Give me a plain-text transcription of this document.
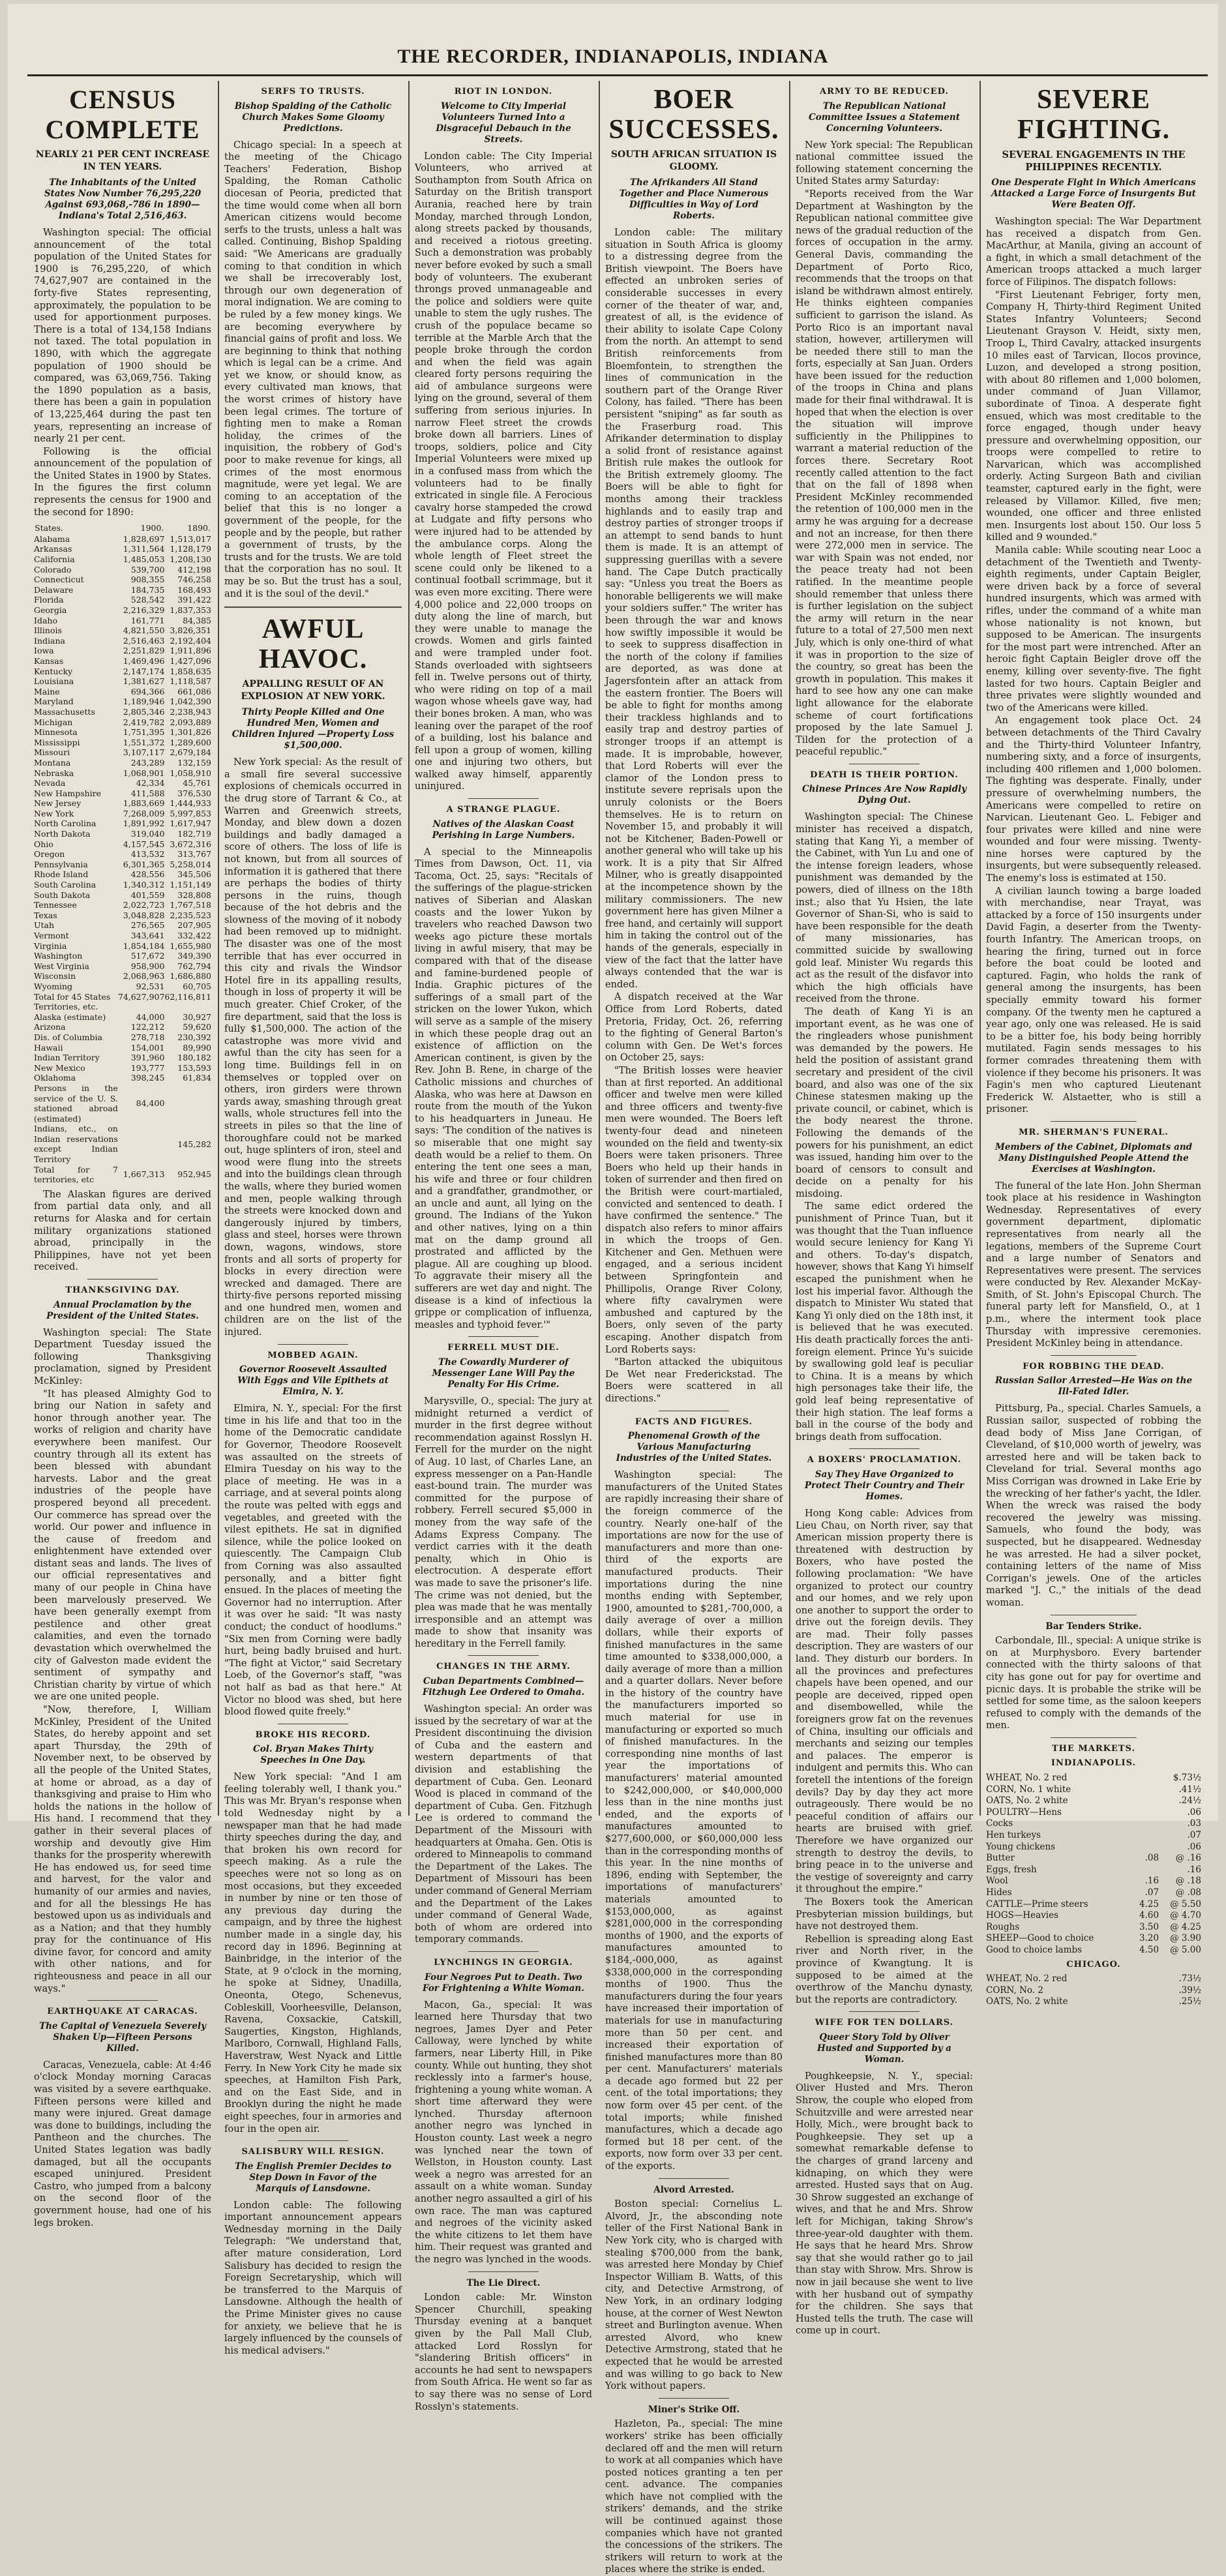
THE RECORDER, INDIANAPOLIS, INDIANA
CENSUS COMPLETE
NEARLY 21 PER CENT INCREASE IN TEN YEARS.
The Inhabitants of the United States Now Number 76,295,220 Against 693,068,-786 in 1890—Indiana's Total 2,516,463.

Washington special: The official announcement of the total population of the United States for 1900 is 76,295,220, of which 74,627,907 are contained in the forty-five States representing, approximately, the population to be used for apportionment purposes. There is a total of 134,158 Indians not taxed. The total population in 1890, with which the aggregate population of 1900 should be compared, was 63,069,756. Taking the 1890 population as a basis, there has been a gain in population of 13,225,464 during the past ten years, representing an increase of nearly 21 per cent.

Following is the official announcement of the population of the United States in 1900 by States. In the figures the first column represents the census for 1900 and the second for 1890:

States.	1900.	1890.
Alabama	1,828,697	1,513,017
Arkansas	1,311,564	1,128,179
California	1,485,053	1,208,130
Colorado	539,700	412,198
Connecticut	908,355	746,258
Delaware	184,735	168,493
Florida	528,542	391,422
Georgia	2,216,329	1,837,353
Idaho	161,771	84,385
Illinois	4,821,550	3,826,351
Indiana	2,516,463	2,192,404
Iowa	2,251,829	1,911,896
Kansas	1,469,496	1,427,096
Kentucky	2,147,174	1,858,635
Louisiana	1,381,627	1,118,587
Maine	694,366	661,086
Maryland	1,189,946	1,042,390
Massachusetts	2,805,346	2,238,943
Michigan	2,419,782	2,093,889
Minnesota	1,751,395	1,301,826
Mississippi	1,551,372	1,289,600
Missouri	3,107,117	2,679,184
Montana	243,289	132,159
Nebraska	1,068,901	1,058,910
Nevada	42,334	45,761
New Hampshire	411,588	376,530
New Jersey	1,883,669	1,444,933
New York	7,268,009	5,997,853
North Carolina	1,891,992	1,617,947
North Dakota	319,040	182,719
Ohio	4,157,545	3,672,316
Oregon	413,532	313,767
Pennsylvania	6,301,365	5,258,014
Rhode Island	428,556	345,506
South Carolina	1,340,312	1,151,149
South Dakota	401,559	328,808
Tennessee	2,022,723	1,767,518
Texas	3,048,828	2,235,523
Utah	276,565	207,905
Vermont	343,641	332,422
Virginia	1,854,184	1,655,980
Washington	517,672	349,390
West Virginia	958,900	762,794
Wisconsin	2,068,963	1,686,880
Wyoming	92,531	60,705
Total for 45 States	74,627,907	62,116,811
Territories, etc.		
Alaska (estimate)	44,000	30,927
Arizona	122,212	59,620
Dis. of Columbia	278,718	230,392
Hawaii	154,001	89,990
Indian Territory	391,960	180,182
New Mexico	193,777	153,593
Oklahoma	398,245	61,834
Persons in the service of the U. S. stationed abroad (estimated)	84,400	
Indians, etc., on Indian reservations except Indian Territory		145,282
Total for 7 territories, etc	1,667,313	952,945

The Alaskan figures are derived from partial data only, and all returns for Alaska and for certain military organizations stationed abroad, principally in the Philippines, have not yet been received.

THANKSGIVING DAY.
Annual Proclamation by the President of the United States.

Washington special: The State Department Tuesday issued the following Thanksgiving proclamation, signed by President McKinley:

"It has pleased Almighty God to bring our Nation in safety and honor through another year. The works of religion and charity have everywhere been manifest. Our country through all its extent has been blessed with abundant harvests. Labor and the great industries of the people have prospered beyond all precedent. Our commerce has spread over the world. Our power and influence in the cause of freedom and enlightenment have extended over distant seas and lands. The lives of our official representatives and many of our people in China have been marvelously preserved. We have been generally exempt from pestilence and other great calamities, and even the tornado devastation which overwhelmed the city of Galveston made evident the sentiment of sympathy and Christian charity by virtue of which we are one united people.

"Now, therefore, I, William McKinley, President of the United States, do hereby appoint and set apart Thursday, the 29th of November next, to be observed by all the people of the United States, at home or abroad, as a day of thanksgiving and praise to Him who holds the nations in the hollow of His hand. I recommend that they gather in their several places of worship and devoutly give Him thanks for the prosperity wherewith He has endowed us, for seed time and harvest, for the valor and humanity of our armies and navies, and for all the blessings He has bestowed upon us as individuals and as a Nation; and that they humbly pray for the continuance of His divine favor, for concord and amity with other nations, and for righteousness and peace in all our ways."

EARTHQUAKE AT CARACAS.
The Capital of Venezuela Severely Shaken Up—Fifteen Persons Killed.

Caracas, Venezuela, cable: At 4:46 o'clock Monday morning Caracas was visited by a severe earthquake. Fifteen persons were killed and many were injured. Great damage was done to buildings, including the Pantheon and the churches. The United States legation was badly damaged, but all the occupants escaped uninjured. President Castro, who jumped from a balcony on the second floor of the government house, had one of his legs broken.

SERFS TO TRUSTS.
Bishop Spalding of the Catholic Church Makes Some Gloomy Predictions.

Chicago special: In a speech at the meeting of the Chicago Teachers' Federation, Bishop Spalding, the Roman Catholic diocesan of Peoria, predicted that the time would come when all born American citizens would become serfs to the trusts, unless a halt was called. Continuing, Bishop Spalding said: "We Americans are gradually coming to that condition in which we shall be irrecoverably lost, through our own degeneration of moral indignation. We are coming to be ruled by a few money kings. We are becoming everywhere by financial gains of profit and loss. We are beginning to think that nothing which is legal can be a crime. And yet we know, or should know, as every cultivated man knows, that the worst crimes of history have been legal crimes. The torture of fighting men to make a Roman holiday, the crimes of the inquisition, the robbery of God's poor to make revenue for kings, all crimes of the most enormous magnitude, were yet legal. We are coming to an acceptation of the belief that this is no longer a government of the people, for the people and by the people, but rather a government of trusts, by the trusts and for the trusts. We are told that the corporation has no soul. It may be so. But the trust has a soul, and it is the soul of the devil."

AWFUL HAVOC.
APPALLING RESULT OF AN EXPLOSION AT NEW YORK.
Thirty People Killed and One Hundred Men, Women and Children Injured —Property Loss $1,500,000.

New York special: As the result of a small fire several successive explosions of chemicals occurred in the drug store of Tarrant & Co., at Warren and Greenwich streets, Monday, and blew down a dozen buildings and badly damaged a score of others. The loss of life is not known, but from all sources of information it is gathered that there are perhaps the bodies of thirty persons in the ruins, though because of the hot debris and the slowness of the moving of it nobody had been removed up to midnight. The disaster was one of the most terrible that has ever occurred in this city and rivals the Windsor Hotel fire in its appalling results, though in loss of property it will be much greater. Chief Croker, of the fire department, said that the loss is fully $1,500,000. The action of the catastrophe was more vivid and awful than the city has seen for a long time. Buildings fell in on themselves or toppled over on others, iron girders were thrown yards away, smashing through great walls, whole structures fell into the streets in piles so that the line of thoroughfare could not be marked out, huge splinters of iron, steel and wood were flung into the streets and into the buildings clean through the walls, where they buried women and men, people walking through the streets were knocked down and dangerously injured by timbers, glass and steel, horses were thrown down, wagons, windows, store fronts and all sorts of property for blocks in every direction were wrecked and damaged. There are thirty-five persons reported missing and one hundred men, women and children are on the list of the injured.

MOBBED AGAIN.
Governor Roosevelt Assaulted With Eggs and Vile Epithets at Elmira, N. Y.

Elmira, N. Y., special: For the first time in his life and that too in the home of the Democratic candidate for Governor, Theodore Roosevelt was assaulted on the streets of Elmira Tuesday on his way to the place of meeting. He was in a carriage, and at several points along the route was pelted with eggs and vegetables, and greeted with the vilest epithets. He sat in dignified silence, while the police looked on quiescently. The Campaign Club from Corning was also assaulted personally, and a bitter fight ensued. In the places of meeting the Governor had no interruption. After it was over he said: "It was nasty conduct; the conduct of hoodlums." "Six men from Corning were badly hurt, being badly bruised and hurt. "The fight at Victor," said Secretary Loeb, of the Governor's staff, "was not half as bad as that here." At Victor no blood was shed, but here blood flowed quite freely."

BROKE HIS RECORD.
Col. Bryan Makes Thirty Speeches in One Day.

New York special: "And I am feeling tolerably well, I thank you." This was Mr. Bryan's response when told Wednesday night by a newspaper man that he had made thirty speeches during the day, and that broken his own record for speech making. As a rule the speeches were not so long as on most occasions, but they exceeded in number by nine or ten those of any previous day during the campaign, and by three the highest number made in a single day, his record day in 1896. Beginning at Bainbridge, in the interior of the State, at 9 o'clock in the morning, he spoke at Sidney, Unadilla, Oneonta, Otego, Schenevus, Cobleskill, Voorheesville, Delanson, Ravena, Coxsackie, Catskill, Saugerties, Kingston, Highlands, Marlboro, Cornwall, Highland Falls, Haverstraw, West Nyack and Little Ferry. In New York City he made six speeches, at Hamilton Fish Park, and on the East Side, and in Brooklyn during the night he made eight speeches, four in armories and four in the open air.

SALISBURY WILL RESIGN.
The English Premier Decides to Step Down in Favor of the Marquis of Lansdowne.

London cable: The following important announcement appears Wednesday morning in the Daily Telegraph: "We understand that, after mature consideration, Lord Salisbury has decided to resign the Foreign Secretaryship, which will be transferred to the Marquis of Lansdowne. Although the health of the Prime Minister gives no cause for anxiety, we believe that he is largely influenced by the counsels of his medical advisers."

RIOT IN LONDON.
Welcome to City Imperial Volunteers Turned Into a Disgraceful Debauch in the Streets.

London cable: The City Imperial Volunteers, who arrived at Southampton from South Africa on Saturday on the British transport Aurania, reached here by train Monday, marched through London, along streets packed by thousands, and received a riotous greeting. Such a demonstration was probably never before evoked by such a small body of volunteers. The exuberant throngs proved unmanageable and the police and soldiers were quite unable to stem the ugly rushes. The crush of the populace became so terrible at the Marble Arch that the people broke through the cordon and when the field was again cleared forty persons requiring the aid of ambulance surgeons were lying on the ground, several of them suffering from serious injuries. In narrow Fleet street the crowds broke down all barriers. Lines of troops, soldiers, police and City Imperial Volunteers were mixed up in a confused mass from which the volunteers had to be finally extricated in single file. A Ferocious cavalry horse stampeded the crowd at Ludgate and fifty persons who were injured had to be attended by the ambulance corps. Along the whole length of Fleet street the scene could only be likened to a continual football scrimmage, but it was even more exciting. There were 4,000 police and 22,000 troops on duty along the line of march, but they were unable to manage the crowds. Women and girls fainted and were trampled under foot. Stands overloaded with sightseers fell in. Twelve persons out of thirty, who were riding on top of a mail wagon whose wheels gave way, had their bones broken. A man, who was leaning over the parapet of the roof of a building, lost his balance and fell upon a group of women, killing one and injuring two others, but walked away himself, apparently uninjured.

A STRANGE PLAGUE.
Natives of the Alaskan Coast Perishing in Large Numbers.

A special to the Minneapolis Times from Dawson, Oct. 11, via Tacoma, Oct. 25, says: "Recitals of the sufferings of the plague-stricken natives of Siberian and Alaskan coasts and the lower Yukon by travelers who reached Dawson two weeks ago picture these mortals living in awful misery, that may be compared with that of the disease and famine-burdened people of India. Graphic pictures of the sufferings of a small part of the stricken on the lower Yukon, which will serve as a sample of the misery in which these people drag out an existence of affliction on the American continent, is given by the Rev. John B. Rene, in charge of the Catholic missions and churches of Alaska, who was here at Dawson en route from the mouth of the Yukon to his headquarters in Juneau. He says: 'The condition of the natives is so miserable that one might say death would be a relief to them. On entering the tent one sees a man, his wife and three or four children and a grandfather, grandmother, or an uncle and aunt, all lying on the ground. The Indians of the Yukon and other natives, lying on a thin mat on the damp ground all prostrated and afflicted by the plague. All are coughing up blood. To aggravate their misery all the sufferers are wet day and night. The disease is a kind of infectious la grippe or complication of influenza, measles and typhoid fever.'"

FERRELL MUST DIE.
The Cowardly Murderer of Messenger Lane Will Pay the Penalty For His Crime.

Marysville, O., special: The jury at midnight returned a verdict of murder in the first degree without recommendation against Rosslyn H. Ferrell for the murder on the night of Aug. 10 last, of Charles Lane, an express messenger on a Pan-Handle east-bound train. The murder was committed for the purpose of robbery. Ferrell secured $5,000 in money from the way safe of the Adams Express Company. The verdict carries with it the death penalty, which in Ohio is electrocution. A desperate effort was made to save the prisoner's life. The crime was not denied, but the plea was made that he was mentally irresponsible and an attempt was made to show that insanity was hereditary in the Ferrell family.

CHANGES IN THE ARMY.
Cuban Departments Combined—Fitzhugh Lee Ordered to Omaha.

Washington special: An order was issued by the secretary of war at the President discontinuing the division of Cuba and the eastern and western departments of that division and establishing the department of Cuba. Gen. Leonard Wood is placed in command of the department of Cuba. Gen. Fitzhugh Lee is ordered to command the Department of the Missouri with headquarters at Omaha. Gen. Otis is ordered to Minneapolis to command the Department of the Lakes. The Department of Missouri has been under command of General Merriam and the Department of the Lakes under command of General Wade, both of whom are ordered into temporary commands.

LYNCHINGS IN GEORGIA.
Four Negroes Put to Death. Two For Frightening a White Woman.

Macon, Ga., special: It was learned here Thursday that two negroes, James Dyer and Peter Calloway, were lynched by white farmers, near Liberty Hill, in Pike county. While out hunting, they shot recklessly into a farmer's house, frightening a young white woman. A short time afterward they were lynched. Thursday afternoon another negro was lynched in Houston county. Last week a negro was lynched near the town of Wellston, in Houston county. Last week a negro was arrested for an assault on a white woman. Sunday another negro assaulted a girl of his own race. The man was captured and negroes of the vicinity asked the white citizens to let them have him. Their request was granted and the negro was lynched in the woods.

The Lie Direct.

London cable: Mr. Winston Spencer Churchill, speaking Thursday evening at a banquet given by the Pall Mall Club, attacked Lord Rosslyn for "slandering British officers" in accounts he had sent to newspapers from South Africa. He went so far as to say there was no sense of Lord Rosslyn's statements.

BOER SUCCESSES.
SOUTH AFRICAN SITUATION IS GLOOMY.
The Afrikanders All Stand Together and Place Numerous Difficulties in Way of Lord Roberts.

London cable: The military situation in South Africa is gloomy to a distressing degree from the British viewpoint. The Boers have effected an unbroken series of considerable successes in every corner of the theater of war, and, greatest of all, is the evidence of their ability to isolate Cape Colony from the north. An attempt to send British reinforcements from Bloemfontein, to strengthen the lines of communication in the southern part of the Orange River Colony, has failed. "There has been persistent "sniping" as far south as the Fraserburg road. This Afrikander determination to display a solid front of resistance against British rule makes the outlook for the British extremely gloomy. The Boers will be able to fight for months among their trackless highlands and to easily trap and destroy parties of stronger troops if an attempt to send bands to hunt them is made. It is an attempt of suppressing guerillas with a severe hand. The Cape Dutch practically say: "Unless you treat the Boers as honorable belligerents we will make your soldiers suffer." The writer has been through the war and knows how swiftly impossible it would be to seek to suppress disaffection in the north of the colony if families are deported, as was done at Jagersfontein after an attack from the eastern frontier. The Boers will be able to fight for months among their trackless highlands and to easily trap and destroy parties of stronger troops if an attempt is made. It is improbable, however, that Lord Roberts will ever the clamor of the London press to institute severe reprisals upon the unruly colonists or the Boers themselves. He is to return on November 15, and probably it will not be Kitchener, Baden-Powell or another general who will take up his work. It is a pity that Sir Alfred Milner, who is greatly disappointed at the incompetence shown by the military commissioners. The new government here has given Milner a free hand, and certainly will support him in taking the control out of the hands of the generals, especially in view of the fact that the latter have always contended that the war is ended.

A dispatch received at the War Office from Lord Roberts, dated Pretoria, Friday, Oct. 26, referring to the fighting of General Barton's column with Gen. De Wet's forces on October 25, says:

"The British losses were heavier than at first reported. An additional officer and twelve men were killed and three officers and twenty-five men were wounded. The Boers left twenty-four dead and nineteen wounded on the field and twenty-six Boers were taken prisoners. Three Boers who held up their hands in token of surrender and then fired on the British were court-martialed, convicted and sentenced to death. I have confirmed the sentence." The dispatch also refers to minor affairs in which the troops of Gen. Kitchener and Gen. Methuen were engaged, and a serious incident between Springfontein and Phillipolis, Orange River Colony, where fifty cavalrymen were ambushed and captured by the Boers, only seven of the party escaping. Another dispatch from Lord Roberts says:

"Barton attacked the ubiquitous De Wet near Frederickstad. The Boers were scattered in all directions."

FACTS AND FIGURES.
Phenomenal Growth of the Various Manufacturing Industries of the United States.

Washington special: The manufacturers of the United States are rapidly increasing their share of the foreign commerce of the country. Nearly one-half of the importations are now for the use of manufacturers and more than one-third of the exports are manufactured products. Their importations during the nine months ending with September, 1900, amounted to $281,-700,000, a daily average of over a million dollars, while their exports of finished manufactures in the same time amounted to $338,000,000, a daily average of more than a million and a quarter dollars. Never before in the history of the country have the manufacturers imported so much material for use in manufacturing or exported so much of finished manufactures. In the corresponding nine months of last year the importations of manufacturers' material amounted to $242,000,000, or $40,000,000 less than in the nine months just ended, and the exports of manufactures amounted to $277,600,000, or $60,000,000 less than in the corresponding months of this year. In the nine months of 1896, ending with September, the importations of manufacturers' materials amounted to $153,000,000, as against $281,000,000 in the corresponding months of 1900, and the exports of manufactures amounted to $184,-000,000, as against $338,000,000 in the corresponding months of 1900. Thus the manufacturers during the four years have increased their importation of materials for use in manufacturing more than 50 per cent. and increased their exportation of finished manufactures more than 80 per cent. Manufacturers' materials a decade ago formed but 22 per cent. of the total importations; they now form over 45 per cent. of the total imports; while finished manufactures, which a decade ago formed but 18 per cent. of the exports, now form over 33 per cent. of the exports.

Alvord Arrested.

Boston special: Cornelius L. Alvord, Jr., the absconding note teller of the First National Bank in New York city, who is charged with stealing $700,000 from the bank, was arrested here Monday by Chief Inspector William B. Watts, of this city, and Detective Armstrong, of New York, in an ordinary lodging house, at the corner of West Newton street and Burlington avenue. When arrested Alvord, who knew Detective Armstrong, stated that he expected that he would be arrested and was willing to go back to New York without papers.

Miner's Strike Off.

Hazleton, Pa., special: The mine workers' strike has been officially declared off and the men will return to work at all companies which have posted notices granting a ten per cent. advance. The companies which have not complied with the strikers' demands, and the strike will be continued against those companies which have not granted the concessions of the strikers. The strikers will return to work at the places where the strike is ended.

ARMY TO BE REDUCED.
The Republican National Committee Issues a Statement Concerning Volunteers.

New York special: The Republican national committee issued the following statement concerning the United States army Saturday:

"Reports received from the War Department at Washington by the Republican national committee give news of the gradual reduction of the forces of occupation in the army. General Davis, commanding the Department of Porto Rico, recommends that the troops on that island be withdrawn almost entirely. He thinks eighteen companies sufficient to garrison the island. As Porto Rico is an important naval station, however, artillerymen will be needed there still to man the forts, especially at San Juan. Orders have been issued for the reduction of the troops in China and plans made for their final withdrawal. It is hoped that when the election is over the situation will improve sufficiently in the Philippines to warrant a material reduction of the forces there. Secretary Root recently called attention to the fact that on the fall of 1898 when President McKinley recommended the retention of 100,000 men in the army he was arguing for a decrease and not an increase, for then there were 272,000 men in service. The war with Spain was not ended, nor the peace treaty had not been ratified. In the meantime people should remember that unless there is further legislation on the subject the army will return in the near future to a total of 27,500 men next July, which is only one-third of what it was in proportion to the size of the country, so great has been the growth in population. This makes it hard to see how any one can make light allowance for the elaborate scheme of court fortifications proposed by the late Samuel J. Tilden for the protection of a peaceful republic."

DEATH IS THEIR PORTION.
Chinese Princes Are Now Rapidly Dying Out.

Washington special: The Chinese minister has received a dispatch, stating that Kang Yi, a member of the Cabinet, with Yun Lu and one of the intense foreign leaders, whose punishment was demanded by the powers, died of illness on the 18th inst.; also that Yu Hsien, the late Governor of Shan-Si, who is said to have been responsible for the death of many missionaries, has committed suicide by swallowing gold leaf. Minister Wu regards this act as the result of the disfavor into which the high officials have received from the throne.

The death of Kang Yi is an important event, as he was one of the ringleaders whose punishment was demanded by the powers. He held the position of assistant grand secretary and president of the civil board, and also was one of the six Chinese statesmen making up the private council, or cabinet, which is the body nearest the throne. Following the demands of the powers for his punishment, an edict was issued, handing him over to the board of censors to consult and decide on a penalty for his misdoing.

The same edict ordered the punishment of Prince Tuan, but it was thought that the Tuan influence would secure leniency for Kang Yi and others. To-day's dispatch, however, shows that Kang Yi himself escaped the punishment when he lost his imperial favor. Although the dispatch to Minister Wu stated that Kang Yi only died on the 18th inst, it is believed that he was executed. His death practically forces the anti-foreign element. Prince Yu's suicide by swallowing gold leaf is peculiar to China. It is a means by which high personages take their life, the gold leaf being representative of their high station. The leaf forms a ball in the course of the body and brings death from suffocation.

A BOXERS' PROCLAMATION.
Say They Have Organized to Protect Their Country and Their Homes.

Hong Kong cable: Advices from Lieu Chau, on North river, say that American mission property there is threatened with destruction by Boxers, who have posted the following proclamation: "We have organized to protect our country and our homes, and we rely upon one another to support the order to drive out the foreign devils. They are mad. Their folly passes description. They are wasters of our land. They disturb our borders. In all the provinces and prefectures chapels have been opened, and our people are deceived, ripped open and disembowelled, while the foreigners grow fat on the revenues of China, insulting our officials and merchants and seizing our temples and palaces. The emperor is indulgent and permits this. Who can foretell the intentions of the foreign devils? Day by day they act more outrageously. There would be no peaceful condition of affairs our hearts are bruised with grief. Therefore we have organized our strength to destroy the devils, to bring peace in to the universe and the vestige of sovereignty and carry it throughout the empire."

The Boxers took the American Presbyterian mission buildings, but have not destroyed them.

Rebellion is spreading along East river and North river, in the province of Kwangtung. It is supposed to be aimed at the overthrow of the Manchu dynasty, but the reports are contradictory.

WIFE FOR TEN DOLLARS.
Queer Story Told by Oliver Husted and Supported by a Woman.

Poughkeepsie, N. Y., special: Oliver Husted and Mrs. Theron Shrow, the couple who eloped from Schuitzville and were arrested near Holly, Mich., were brought back to Poughkeepsie. They set up a somewhat remarkable defense to the charges of grand larceny and kidnaping, on which they were arrested. Husted says that on Aug. 30 Shrow suggested an exchange of wives, and that he and Mrs. Shrow left for Michigan, taking Shrow's three-year-old daughter with them. He says that he heard Mrs. Shrow say that she would rather go to jail than stay with Shrow. Mrs. Shrow is now in jail because she went to live with her husband out of sympathy for the children. She says that Husted tells the truth. The case will come up in court.

SEVERE FIGHTING.
SEVERAL ENGAGEMENTS IN THE PHILIPPINES RECENTLY.
One Desperate Fight in Which Americans Attacked a Large Force of Insurgents But Were Beaten Off.

Washington special: The War Department has received a dispatch from Gen. MacArthur, at Manila, giving an account of a fight, in which a small detachment of the American troops attacked a much larger force of Filipinos. The dispatch follows:

"First Lieutenant Febriger, forty men, Company H, Thirty-third Regiment United States Infantry Volunteers; Second Lieutenant Grayson V. Heidt, sixty men, Troop L, Third Cavalry, attacked insurgents 10 miles east of Tarvican, Ilocos province, Luzon, and developed a strong position, with about 80 riflemen and 1,000 bolomen, under command of Juan Villamor, subordinate of Tinoa. A desperate fight ensued, which was most creditable to the force engaged, though under heavy pressure and overwhelming opposition, our troops were compelled to retire to Narvarican, which was accomplished orderly. Acting Surgeon Bath and civilian teamster, captured early in the fight, were released by Villamor. Killed, five men; wounded, one officer and three enlisted men. Insurgents lost about 150. Our loss 5 killed and 9 wounded."

Manila cable: While scouting near Looc a detachment of the Twentieth and Twenty-eighth regiments, under Captain Beigler, were driven back by a force of several hundred insurgents, which was armed with rifles, under the command of a white man whose nationality is not known, but supposed to be American. The insurgents for the most part were intrenched. After an heroic fight Captain Beigler drove off the enemy, killing over seventy-five. The fight lasted for two hours. Captain Beigler and three privates were slightly wounded and two of the Americans were killed.

An engagement took place Oct. 24 between detachments of the Third Cavalry and the Thirty-third Volunteer Infantry, numbering sixty, and a force of insurgents, including 400 riflemen and 1,000 bolomen. The fighting was desperate. Finally, under pressure of overwhelming numbers, the Americans were compelled to retire on Narvican. Lieutenant Geo. L. Febiger and four privates were killed and nine were wounded and four were missing. Twenty-nine horses were captured by the insurgents, but were subsequently released. The enemy's loss is estimated at 150.

A civilian launch towing a barge loaded with merchandise, near Trayat, was attacked by a force of 150 insurgents under David Fagin, a deserter from the Twenty-fourth Infantry. The American troops, on hearing the firing, turned out in force before the boat could be looted and captured. Fagin, who holds the rank of general among the insurgents, has been specially emmity toward his former company. Of the twenty men he captured a year ago, only one was released. He is said to be a bitter foe, his body being horribly mutilated. Fagin sends messages to his former comrades threatening them with violence if they become his prisoners. It was Fagin's men who captured Lieutenant Frederick W. Alstaetter, who is still a prisoner.

MR. SHERMAN'S FUNERAL.
Members of the Cabinet, Diplomats and Many Distinguished People Attend the Exercises at Washington.

The funeral of the late Hon. John Sherman took place at his residence in Washington Wednesday. Representatives of every government department, diplomatic representatives from nearly all the legations, members of the Supreme Court and a large number of Senators and Representatives were present. The services were conducted by Rev. Alexander McKay-Smith, of St. John's Episcopal Church. The funeral party left for Mansfield, O., at 1 p.m., where the interment took place Thursday with impressive ceremonies. President McKinley being in attendance.

FOR ROBBING THE DEAD.
Russian Sailor Arrested—He Was on the Ill-Fated Idler.

Pittsburg, Pa., special. Charles Samuels, a Russian sailor, suspected of robbing the dead body of Miss Jane Corrigan, of Cleveland, of $10,000 worth of jewelry, was arrested here and will be taken back to Cleveland for trial. Several months ago Miss Corrigan was drowned in Lake Erie by the wrecking of her father's yacht, the Idler. When the wreck was raised the body recovered the jewelry was missing. Samuels, who found the body, was suspected, but he disappeared. Wednesday he was arrested. He had a silver pocket, containing letters of the name of Miss Corrigan's jewels. One of the articles marked "J. C.," the initials of the dead woman.

Bar Tenders Strike.

Carbondale, Ill., special: A unique strike is on at Murphysboro. Every bartender connected with the thirty saloons of that city has gone out for pay for overtime and picnic days. It is probable the strike will be settled for some time, as the saloon keepers refused to comply with the demands of the men.

THE MARKETS.
INDIANAPOLIS.
WHEAT, No. 2 red		$.73½
CORN, No. 1 white		.41½
OATS, No. 2 white		.24½
POULTRY—Hens		.06
Cocks		.03
Hen turkeys		.07
Young chickens		.06
Butter	.08	@ .16
Eggs, fresh		.16
Wool	.16	@ .18
Hides	.07	@ .08
CATTLE—Prime steers	4.25	@ 5.50
HOGS—Heavies	4.60	@ 4.70
Roughs	3.50	@ 4.25
SHEEP—Good to choice	3.20	@ 3.90
Good to choice lambs	4.50	@ 5.00
CHICAGO.
WHEAT, No. 2 red		.73½
CORN, No. 2		.39½
OATS, No. 2 white		.25½
